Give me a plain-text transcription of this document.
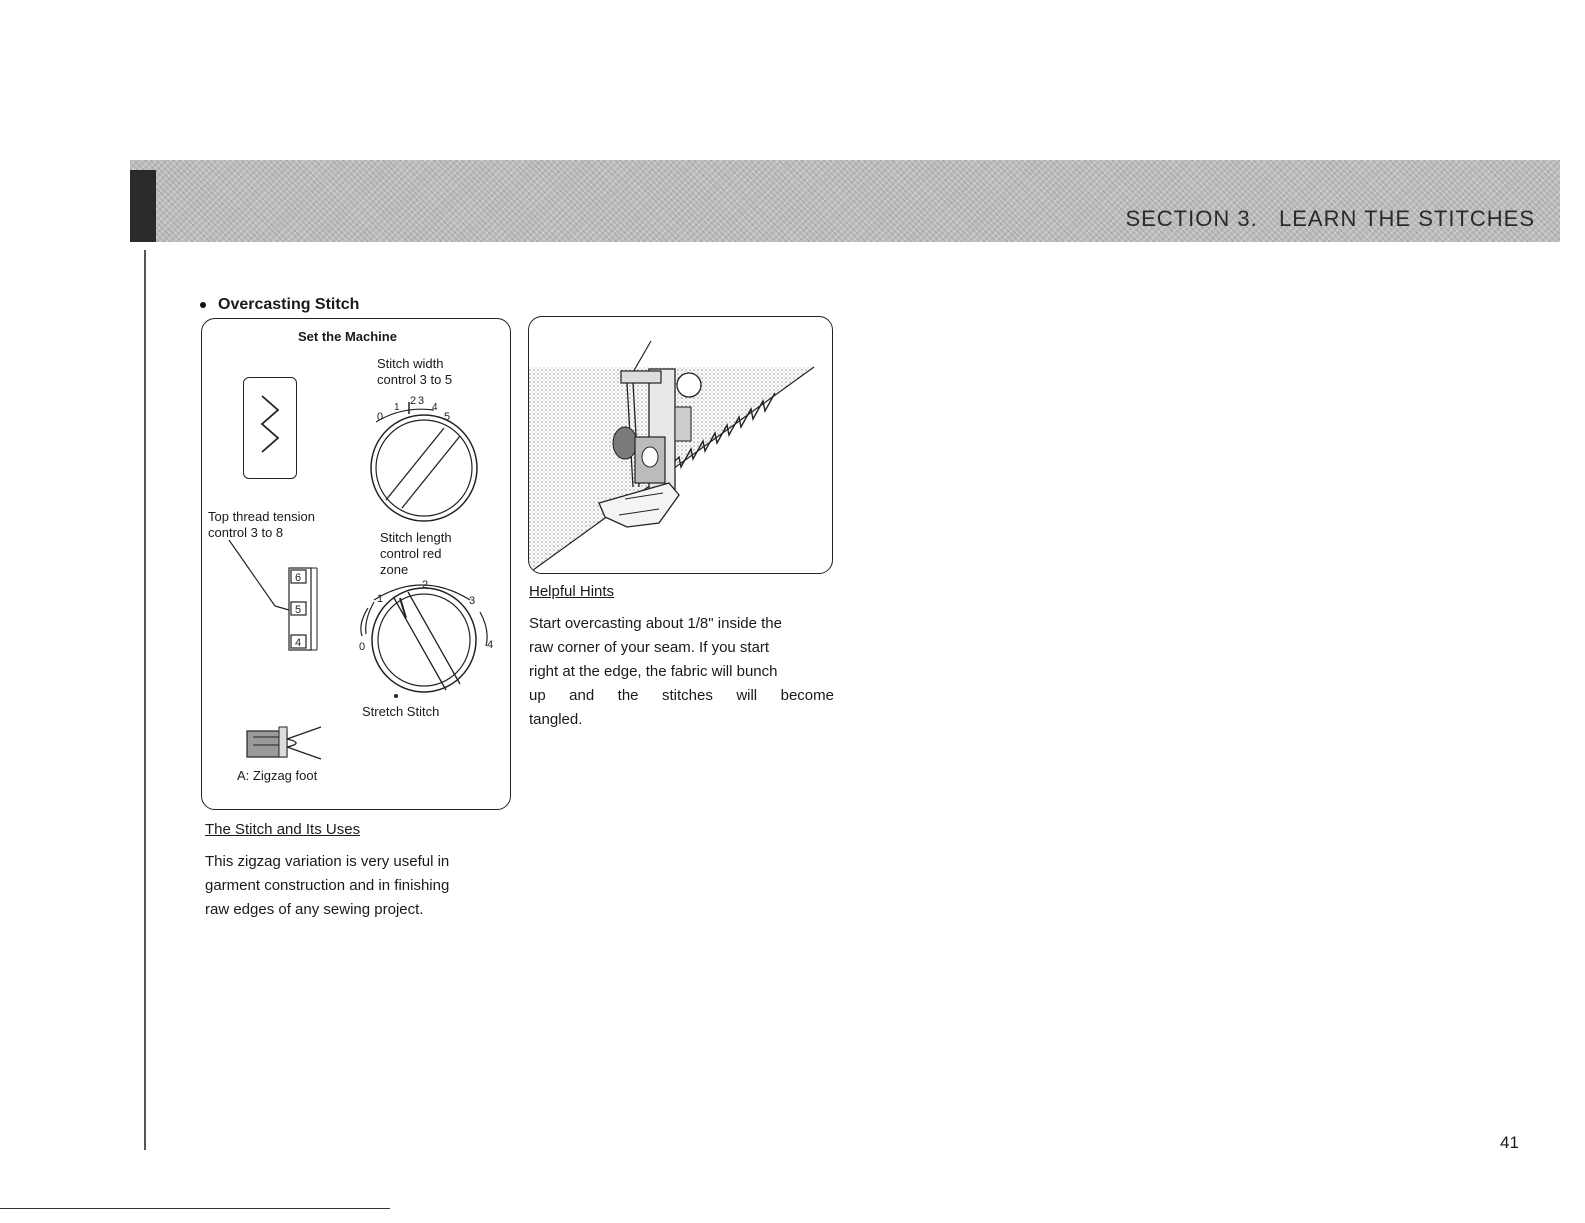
SECTION 3.   LEARN THE STITCHES
Overcasting Stitch
Set the Machine
Stitch width
control 3 to 5
0
1
2 3
4
5
Top thread tension
control 3 to 8
6
5
4
Stitch length
control red
zone
0
1
2
3
4
Stretch Stitch
A: Zigzag foot
The Stitch and Its Uses
This zigzag variation is very useful in
garment construction and in finishing
raw edges of any sewing project.
Helpful Hints
Start overcasting about 1/8" inside the
raw corner of your seam. If you start
right at the edge, the fabric will bunch
up and the stitches will become
tangled.
41
